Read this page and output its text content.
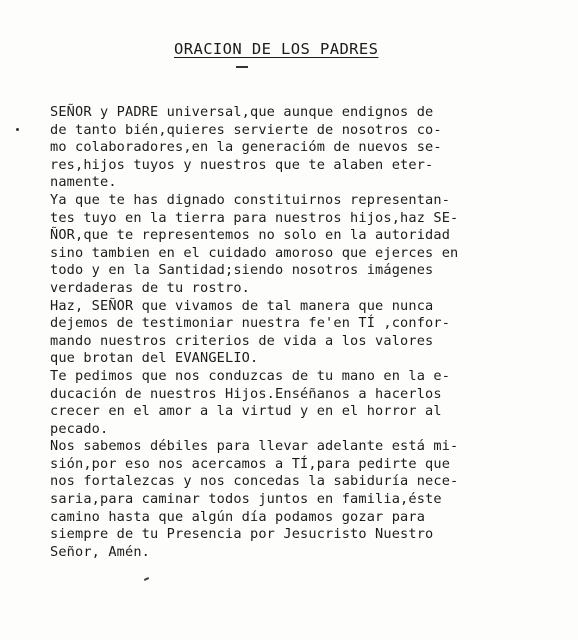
ORACION DE LOS PADRES
SEÑOR y PADRE universal,que aunque endignos de
de tanto bién,quieres servierte de nosotros co-
mo colaboradores,en la generacióm de nuevos se-
res,hijos tuyos y nuestros que te alaben eter-
namente.
Ya que te has dignado constituirnos representan-
tes tuyo en la tierra para nuestros hijos,haz SE-
ÑOR,que te representemos no solo en la autoridad
sino tambien en el cuidado amoroso que ejerces en
todo y en la Santidad;siendo nosotros imágenes
verdaderas de tu rostro.
Haz, SEÑOR que vivamos de tal manera que nunca
dejemos de testimoniar nuestra fe'en TÍ ,confor-
mando nuestros criterios de vida a los valores
que brotan del EVANGELIO.
Te pedimos que nos conduzcas de tu mano en la e-
ducación de nuestros Hijos.Enséñanos a hacerlos
crecer en el amor a la virtud y en el horror al
pecado.
Nos sabemos débiles para llevar adelante está mi-
sión,por eso nos acercamos a TÍ,para pedirte que
nos fortalezcas y nos concedas la sabiduría nece-
saria,para caminar todos juntos en familia,éste
camino hasta que algún día podamos gozar para
siempre de tu Presencia por Jesucristo Nuestro
Señor, Amén.
